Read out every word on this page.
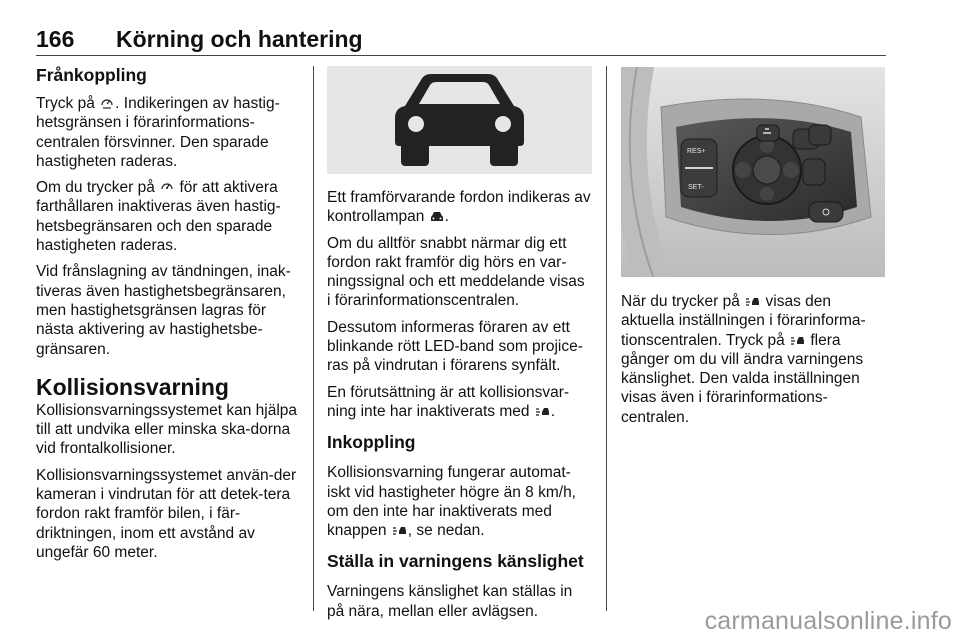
166 Körning och hantering
Frånkoppling

Tryck på . Indikeringen av hastig-hetsgränsen i förarinformations-centralen försvinner. Den sparade hastigheten raderas.

Om du trycker på för att aktivera farthållaren inaktiveras även hastig-hetsbegränsaren och den sparade hastigheten raderas.

Vid frånslagning av tändningen, inak-tiveras även hastighetsbegränsaren, men hastighetsgränsen lagras för nästa aktivering av hastighetsbe-gränsaren.

Kollisionsvarning

Kollisionsvarningssystemet kan hjälpa till att undvika eller minska ska-dorna vid frontalkollisioner.

Kollisionsvarningssystemet använ-der kameran i vindrutan för att detek-tera fordon rakt framför bilen, i fär-driktningen, inom ett avstånd av ungefär 60 meter.

Ett framförvarande fordon indikeras av kontrollampan .

Om du alltför snabbt närmar dig ett fordon rakt framför dig hörs en var-ningssignal och ett meddelande visas i förarinformationscentralen.

Dessutom informeras föraren av ett blinkande rött LED-band som projice-ras på vindrutan i förarens synfält.

En förutsättning är att kollisionsvar-ning inte har inaktiverats med .

Inkoppling

Kollisionsvarning fungerar automat-iskt vid hastigheter högre än 8 km/h, om den inte har inaktiverats med knappen , se nedan.

Ställa in varningens känslighet

Varningens känslighet kan ställas in på nära, mellan eller avlägsen.

RES+
SET-

När du trycker på visas den aktuella inställningen i förarinforma-tionscentralen. Tryck på flera gånger om du vill ändra varningens känslighet. Den valda inställningen visas även i förarinformations-centralen.

carmanualsonline.info
